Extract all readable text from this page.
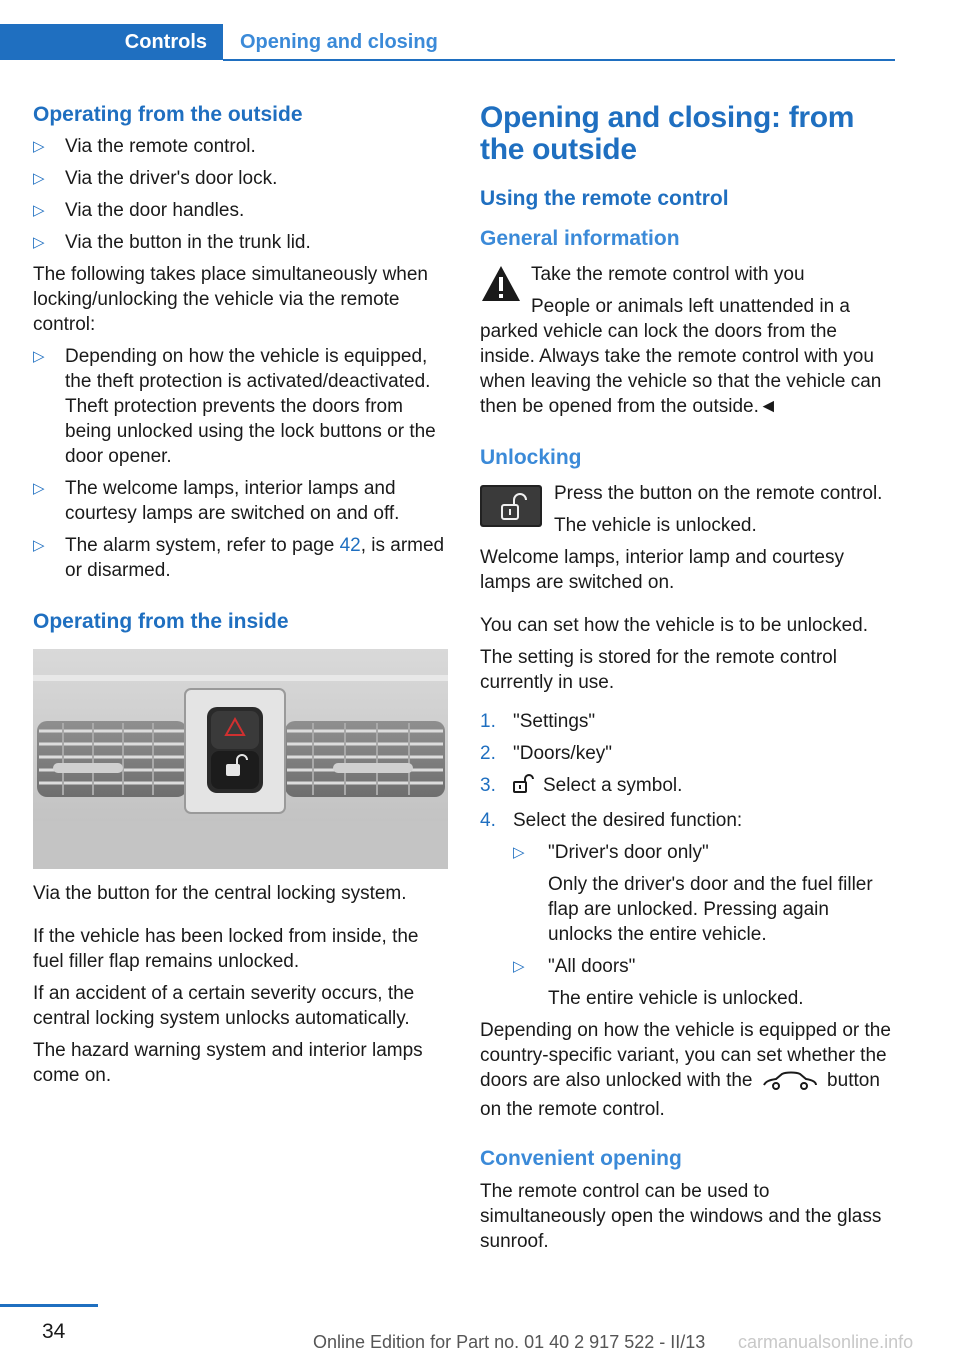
Controls	Opening and closing
Operating from the outside
▷ Via the remote control.
▷ Via the driver's door lock.
▷ Via the door handles.
▷ Via the button in the trunk lid.

The following takes place simultaneously when locking/unlocking the vehicle via the remote control:

▷ Depending on how the vehicle is equipped, the theft protection is activated/deactivated. Theft protection prevents the doors from being unlocked using the lock buttons or the door opener.
▷ The welcome lamps, interior lamps and courtesy lamps are switched on and off.
▷ The alarm system, refer to page 42, is armed or disarmed.
Operating from the inside

Via the button for the central locking system.

If the vehicle has been locked from inside, the fuel filler flap remains unlocked.

If an accident of a certain severity occurs, the central locking system unlocks automatically.

The hazard warning system and interior lamps come on.

Opening and closing: from the outside
Using the remote control
General information

Take the remote control with you

People or animals left unattended in a parked vehicle can lock the doors from the inside. Always take the remote control with you when leaving the vehicle so that the vehicle can then be opened from the outside.◄

Unlocking

Press the button on the remote control.

The vehicle is unlocked.

Welcome lamps, interior lamp and courtesy lamps are switched on.

You can set how the vehicle is to be unlocked.

The setting is stored for the remote control currently in use.

1. "Settings"
2. "Doors/key"
3. Select a symbol.
4. Select the desired function:
▷ "Driver's door only"

Only the driver's door and the fuel filler flap are unlocked. Pressing again unlocks the entire vehicle.

▷ "All doors"

The entire vehicle is unlocked.

Depending on how the vehicle is equipped or the country-specific variant, you can set whether the doors are also unlocked with the	button on the remote control.

Convenient opening

The remote control can be used to simultaneously open the windows and the glass sunroof.

34	Online Edition for Part no. 01 40 2 917 522 - II/13 carmanualsonline.info
